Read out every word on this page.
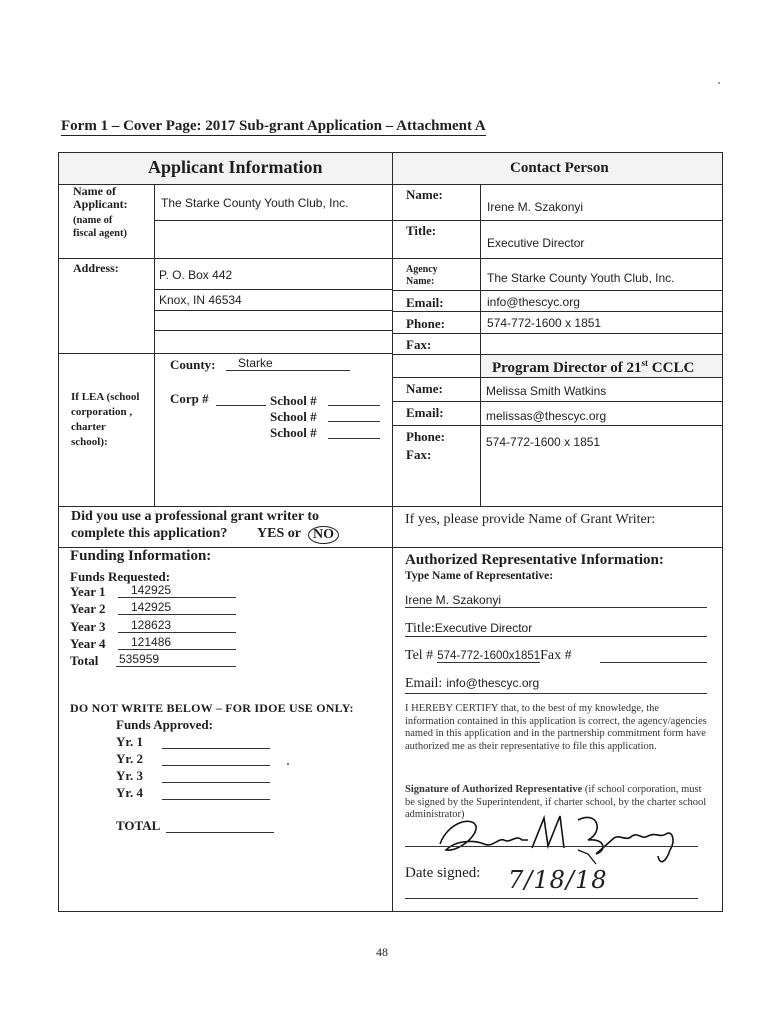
Form 1 – Cover Page: 2017 Sub-grant Application – Attachment A
Applicant Information	Contact Person
Name of Applicant:
(name of fiscal agent)
The Starke County Youth Club, Inc.
Address:	P. O. Box 442
Knox, IN 46534
Name:
Irene M. Szakonyi
Title:
Executive Director
Agency Name:	The Starke County Youth Club, Inc.
Email:	info@thescyc.org
Phone:	574-772-1600 x 1851
Fax:
If LEA (school corporation , charter school):
County:	Starke
Corp #	School #
School #
School #
Program Director of 21st CCLC
Name:	Melissa Smith Watkins
Email:	melissas@thescyc.org
Phone:	574-772-1600 x 1851
Fax:
Did you use a professional grant writer to
complete this application? YES or NO
If yes, please provide Name of Grant Writer:
Funding Information:
Funds Requested:
Year 1	142925
Year 2	142925
Year 3	128623
Year 4	121486
Total 535959
DO NOT WRITE BELOW – FOR IDOE USE ONLY:
Funds Approved:
Yr. 1
Yr. 2
Yr. 3
Yr. 4
TOTAL
Authorized Representative Information:
Type Name of Representative:
Irene M. Szakonyi
Title:Executive Director
Tel # 574-772-1600x1851Fax #
Email: info@thescyc.org
I HEREBY CERTIFY that, to the best of my knowledge, the information contained in this application is correct, the agency/agencies named in this application and in the partnership commitment form have authorized me as their representative to file this application.
Signature of Authorized Representative (if school corporation, must be signed by the Superintendent, if charter school, by the charter school administrator)
Date signed: 7/18/18
48
